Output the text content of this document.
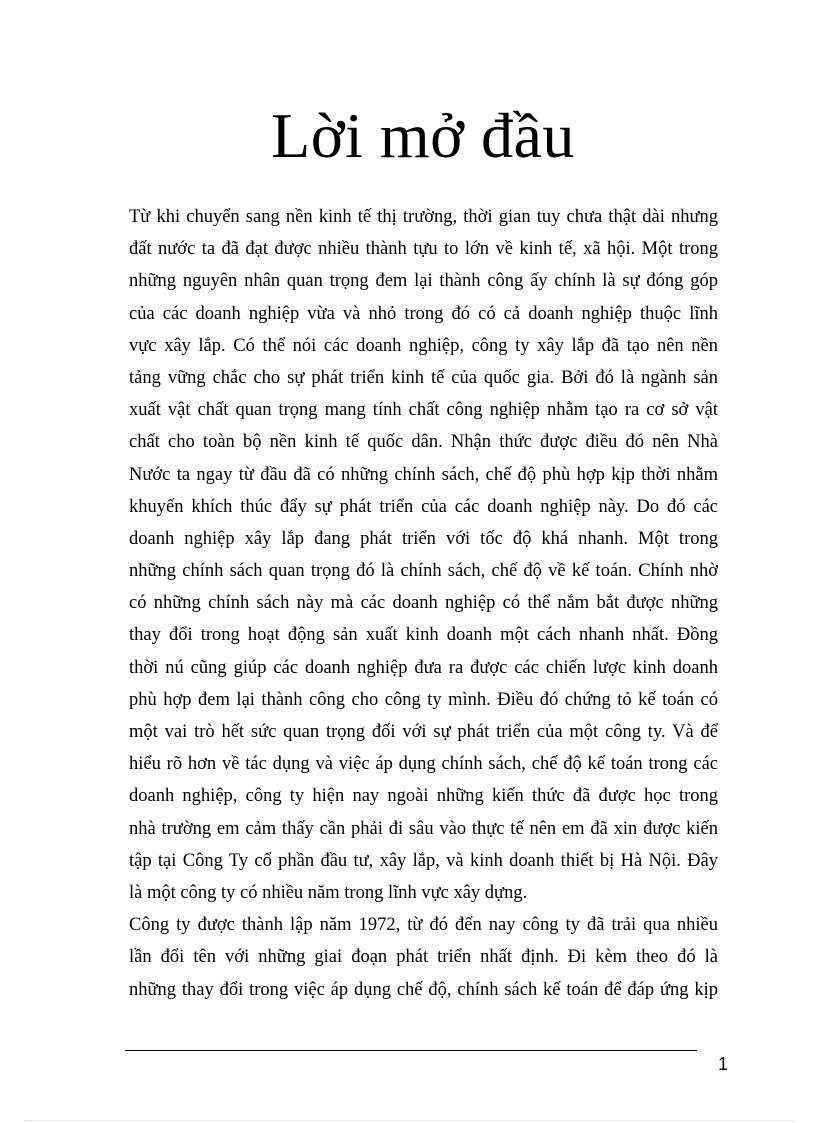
Lời mở đầu
Từ khi chuyển sang nền kinh tế thị trường, thời gian tuy chưa thật dài nhưng
đất nước ta đã đạt được nhiều thành tựu to lớn về kinh tế, xã hội. Một trong
những nguyên nhân quan trọng đem lại thành công ấy chính là sự đóng góp
của các doanh nghiệp vừa và nhỏ trong đó có cả doanh nghiệp thuộc lĩnh
vực xây lắp. Có thể nói các doanh nghiệp, công ty xây lắp đã tạo nên nền
tảng vững chắc cho sự phát triển kinh tế của quốc gia. Bởi đó là ngành sản
xuất vật chất quan trọng mang tính chất công nghiệp nhằm tạo ra cơ sở vật
chất cho toàn bộ nền kinh tế quốc dân. Nhận thức được điều đó nên Nhà
Nước ta ngay từ đầu đã có những chính sách, chế độ phù hợp kịp thời nhằm
khuyến khích thúc đẩy sự phát triển của các doanh nghiệp này. Do đó các
doanh nghiệp xây lắp đang phát triển với tốc độ khá nhanh. Một trong
những chính sách quan trọng đó là chính sách, chế độ về kế toán. Chính nhờ
có những chính sách này mà các doanh nghiệp có thể nắm bắt được những
thay đổi trong hoạt động sản xuất kinh doanh một cách nhanh nhất. Đồng
thời nú cũng giúp các doanh nghiệp đưa ra được các chiến lược kinh doanh
phù hợp đem lại thành công cho công ty mình. Điều đó chứng tỏ kế toán có
một vai trò hết sức quan trọng đối với sự phát triển của một công ty. Và để
hiểu rõ hơn về tác dụng và việc áp dụng chính sách, chế độ kế toán trong các
doanh nghiệp, công ty hiện nay ngoài những kiến thức đã được học trong
nhà trường em cảm thấy cần phải đi sâu vào thực tế nên em đã xin được kiến
tập tại Công Ty cổ phần đầu tư, xây lắp, và kinh doanh thiết bị Hà Nội. Đây
là một công ty có nhiều năm trong lĩnh vực xây dựng.
Công ty được thành lập năm 1972, từ đó đến nay công ty đã trải qua nhiều
lần đổi tên với những giai đoạn phát triển nhất định. Đi kèm theo đó là
những thay đổi trong việc áp dụng chế độ, chính sách kế toán để đáp ứng kịp
1
